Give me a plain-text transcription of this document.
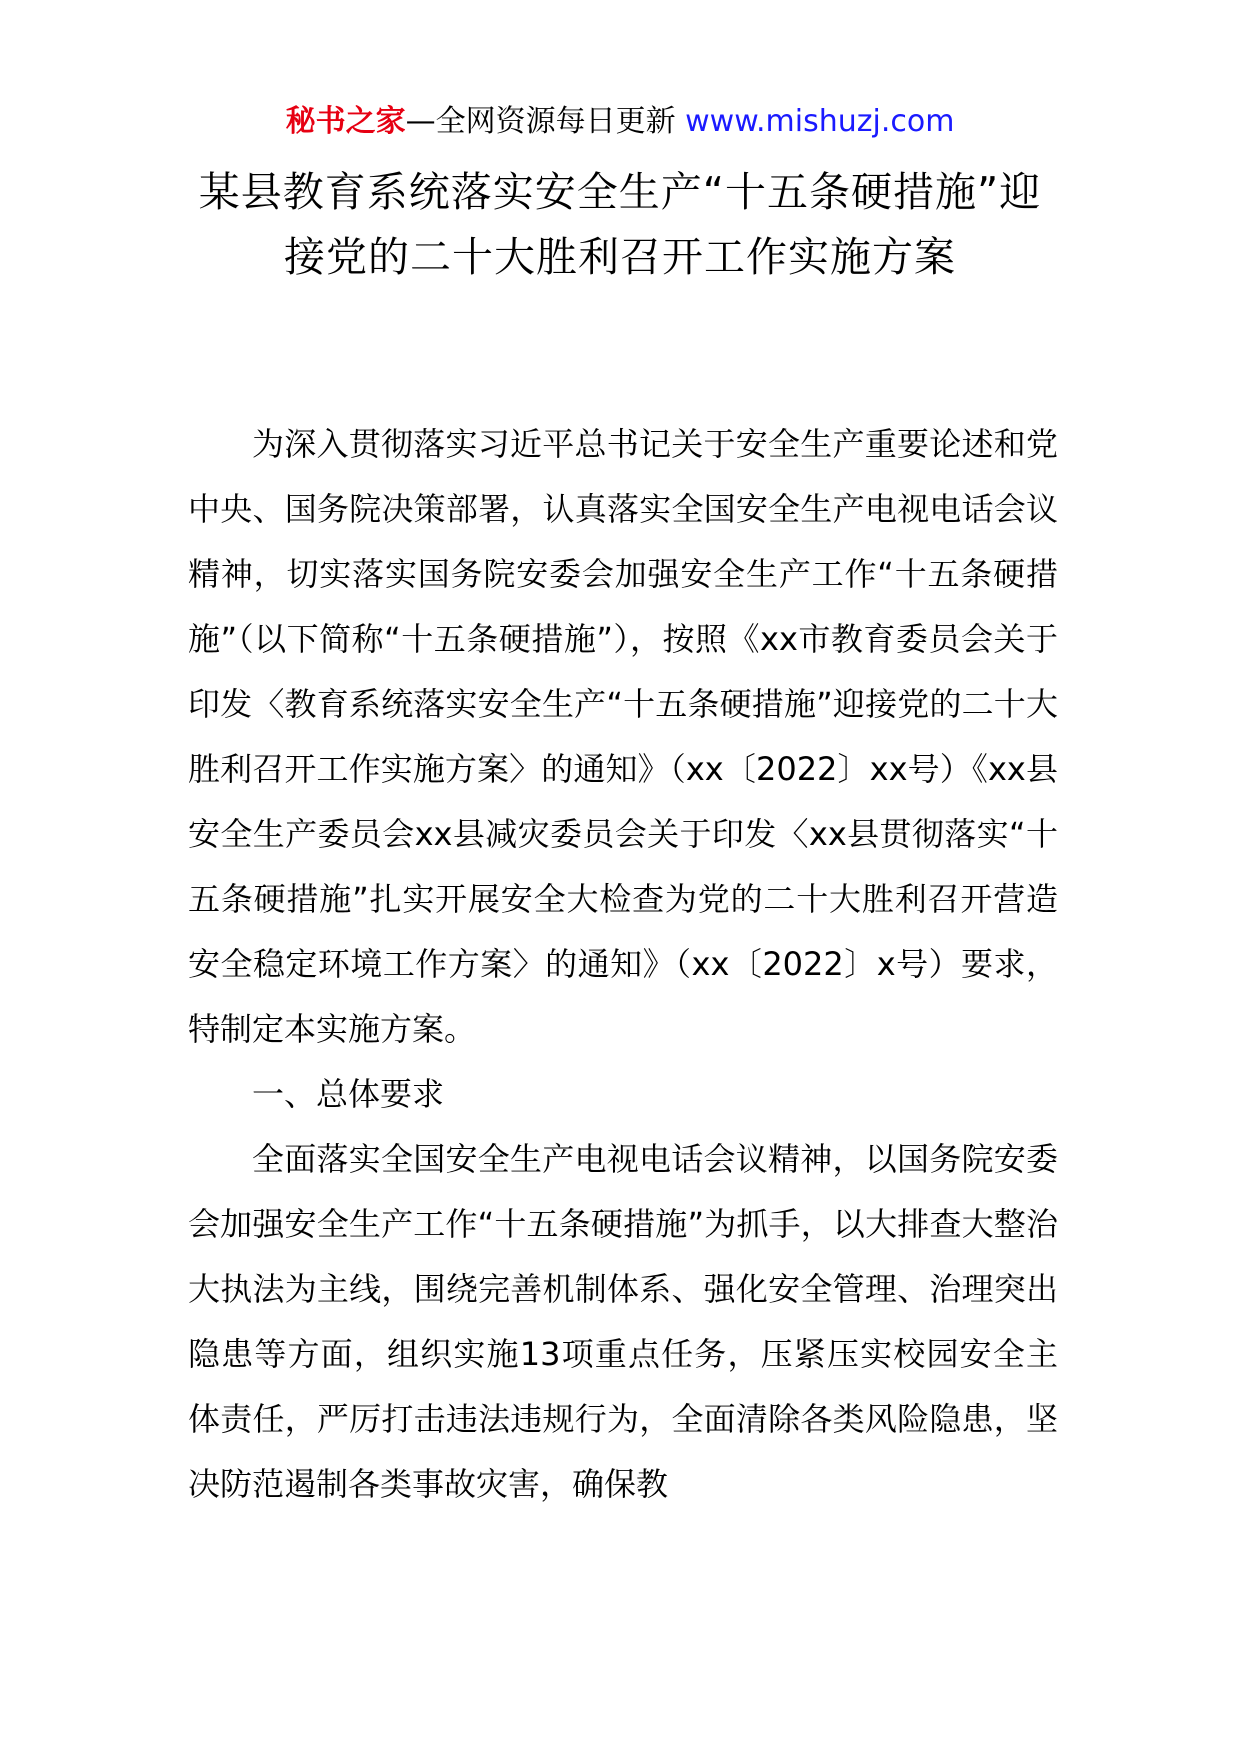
秘书之家—全网资源每日更新 www.mishuzj.com
某县教育系统落实安全生产“十五条硬措施”迎接党的二十大胜利召开工作实施方案

为深入贯彻落实习近平总书记关于安全生产重要论述和党中央、国务院决策部署，认真落实全国安全生产电视电话会议精神，切实落实国务院安委会加强安全生产工作“十五条硬措施”（以下简称“十五条硬措施”），按照《xx市教育委员会关于印发〈教育系统落实安全生产“十五条硬措施”迎接党的二十大胜利召开工作实施方案〉的通知》（xx〔2022〕xx号）《xx县安全生产委员会xx县减灾委员会关于印发〈xx县贯彻落实“十五条硬措施”扎实开展安全大检查为党的二十大胜利召开营造安全稳定环境工作方案〉的通知》（xx〔2022〕x号）要求，特制定本实施方案。

一、总体要求

全面落实全国安全生产电视电话会议精神，以国务院安委会加强安全生产工作“十五条硬措施”为抓手，以大排查大整治大执法为主线，围绕完善机制体系、强化安全管理、治理突出隐患等方面，组织实施13项重点任务，压紧压实校园安全主体责任，严厉打击违法违规行为，全面清除各类风险隐患，坚决防范遏制各类事故灾害，确保教
